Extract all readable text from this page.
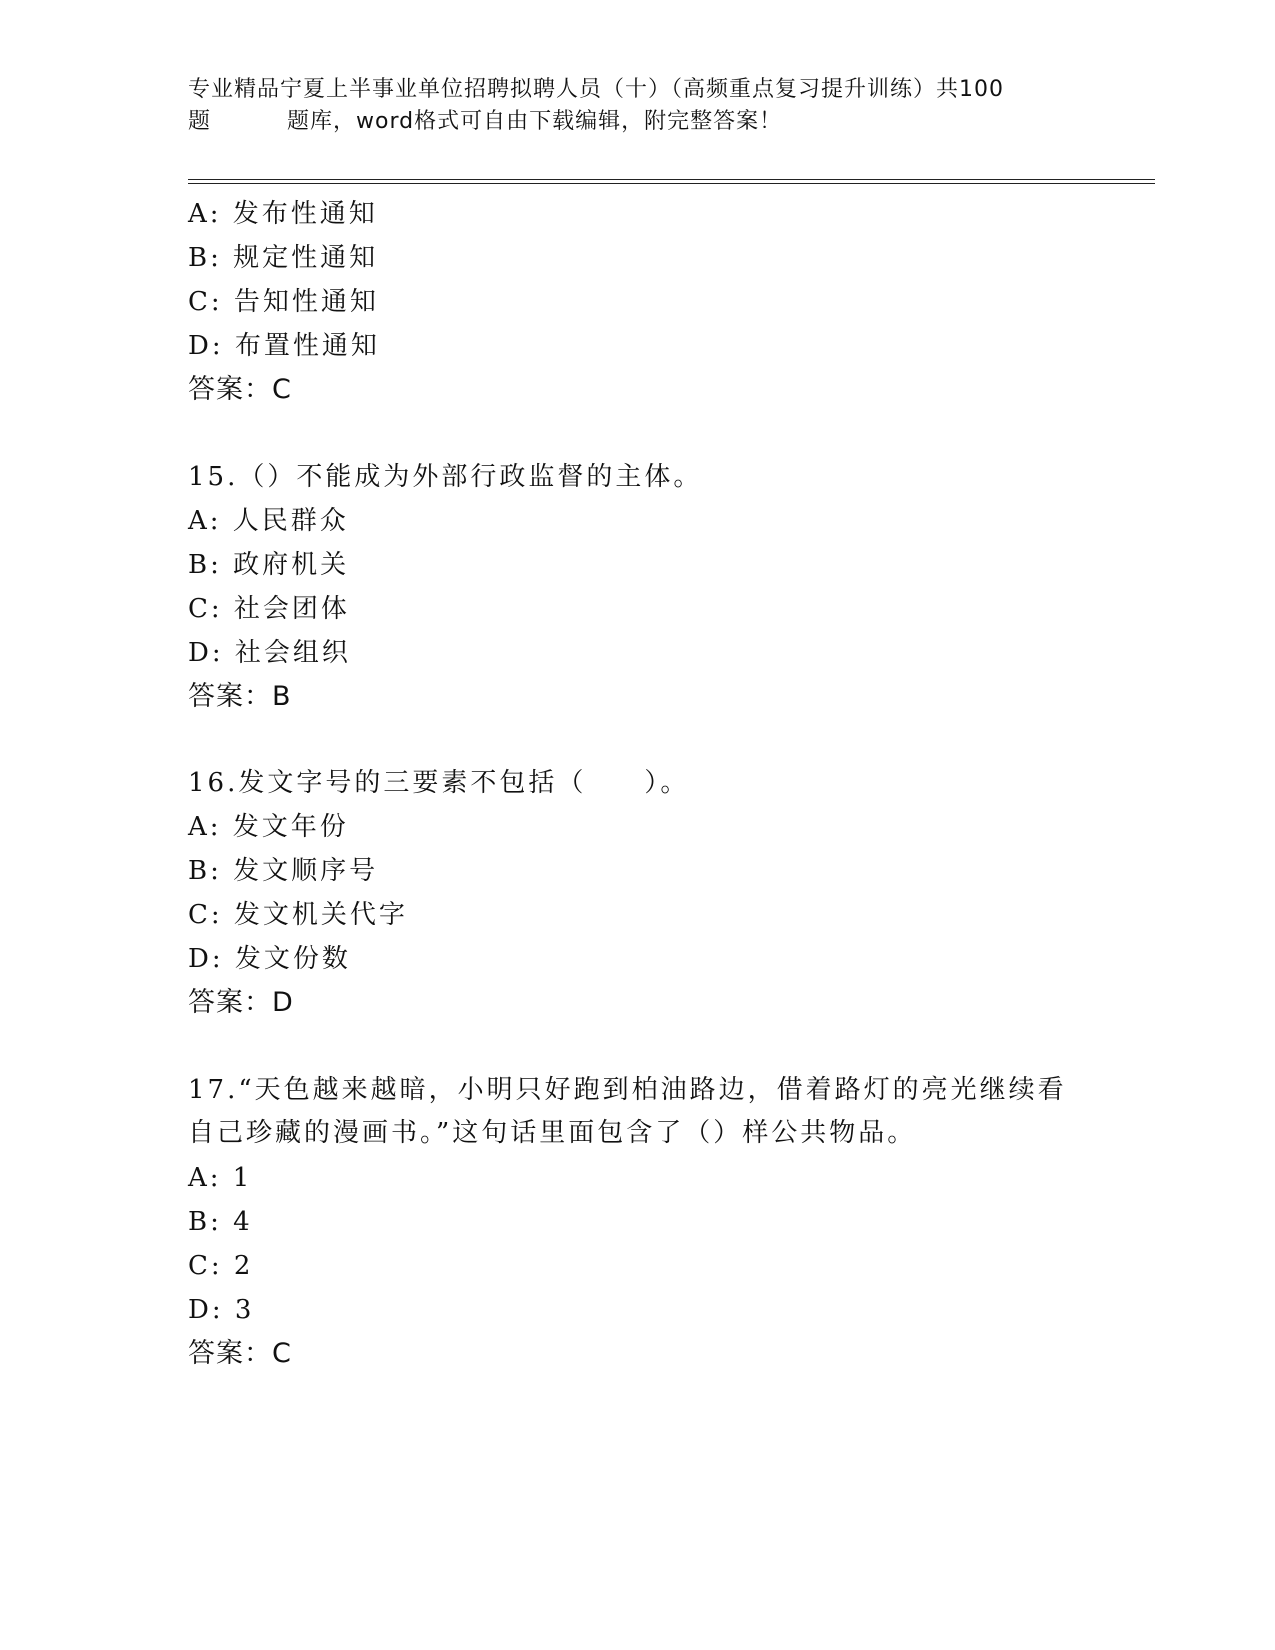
专业精品宁夏上半事业单位招聘拟聘人员（十）（高频重点复习提升训练）共100
题	题库，word格式可自由下载编辑，附完整答案！
A: 发布性通知
B: 规定性通知
C: 告知性通知
D: 布置性通知
答案：C
15.（）不能成为外部行政监督的主体。
A: 人民群众
B: 政府机关
C: 社会团体
D: 社会组织
答案：B
16.发文字号的三要素不包括（　　）。
A: 发文年份
B: 发文顺序号
C: 发文机关代字
D: 发文份数
答案：D
17.“天色越来越暗，小明只好跑到柏油路边，借着路灯的亮光继续看
自己珍藏的漫画书。”这句话里面包含了（）样公共物品。
A: 1
B: 4
C: 2
D: 3
答案：C
